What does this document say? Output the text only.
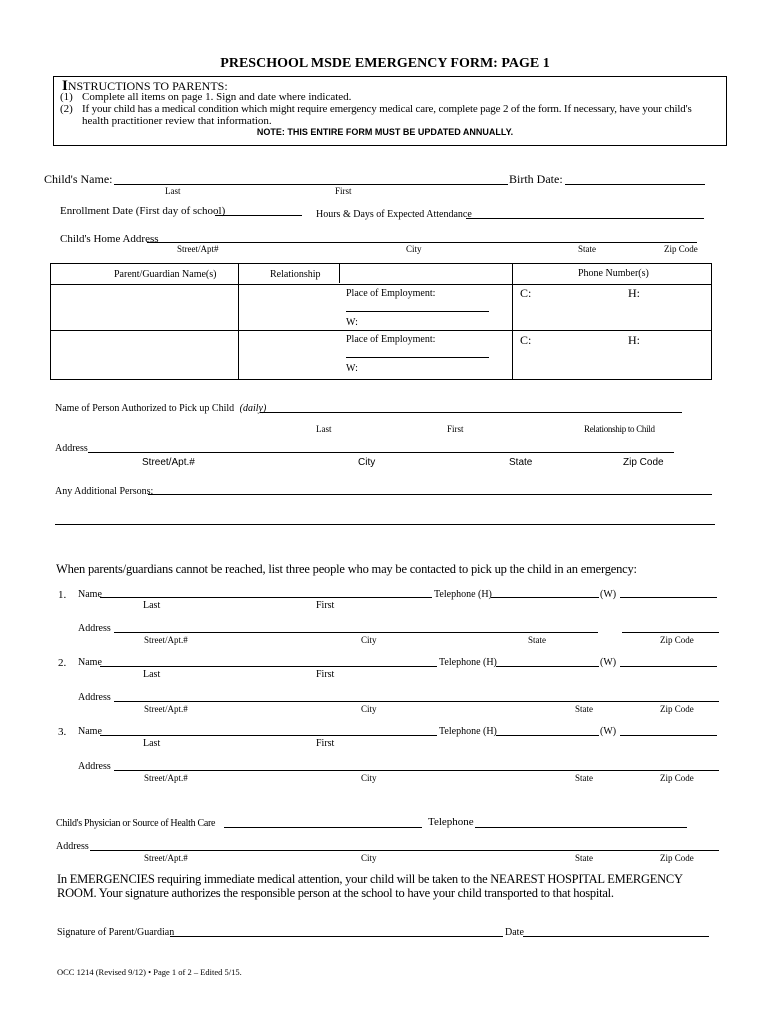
PRESCHOOL MSDE EMERGENCY FORM: PAGE 1
INSTRUCTIONS TO PARENTS:
(1) Complete all items on page 1. Sign and date where indicated.
(2) If your child has a medical condition which might require emergency medical care, complete page 2 of the form. If necessary, have your child's
health practitioner review that information.
NOTE: THIS ENTIRE FORM MUST BE UPDATED ANNUALLY.
Child's Name:	Birth Date:
Last	First
Enrollment Date (First day of school)	Hours & Days of Expected Attendance
Child's Home Address
Street/Apt#	City	State	Zip Code
Parent/Guardian Name(s)	Relationship	Phone Number(s)
Place of Employment:
W:
C:	H:
Place of Employment:
W:
C:	H:
Name of Person Authorized to Pick up Child (daily)
Last	First	Relationship to Child
Address
Street/Apt.#	City	State	Zip Code
Any Additional Persons:
When parents/guardians cannot be reached, list three people who may be contacted to pick up the child in an emergency:
1. Name	Telephone (H)	(W)
Last	First
Address
Street/Apt.#	City	State	Zip Code
2. Name	Telephone (H)	(W)
Last	First
Address
Street/Apt.#	City	State	Zip Code
3. Name	Telephone (H)	(W)
Last	First
Address
Street/Apt.#	City	State	Zip Code
Child's Physician or Source of Health Care	Telephone
Address
Street/Apt.#	City	State	Zip Code
In EMERGENCIES requiring immediate medical attention, your child will be taken to the NEAREST HOSPITAL EMERGENCY
ROOM. Your signature authorizes the responsible person at the school to have your child transported to that hospital.
Signature of Parent/Guardian	Date
OCC 1214 (Revised 9/12) • Page 1 of 2 – Edited 5/15.
